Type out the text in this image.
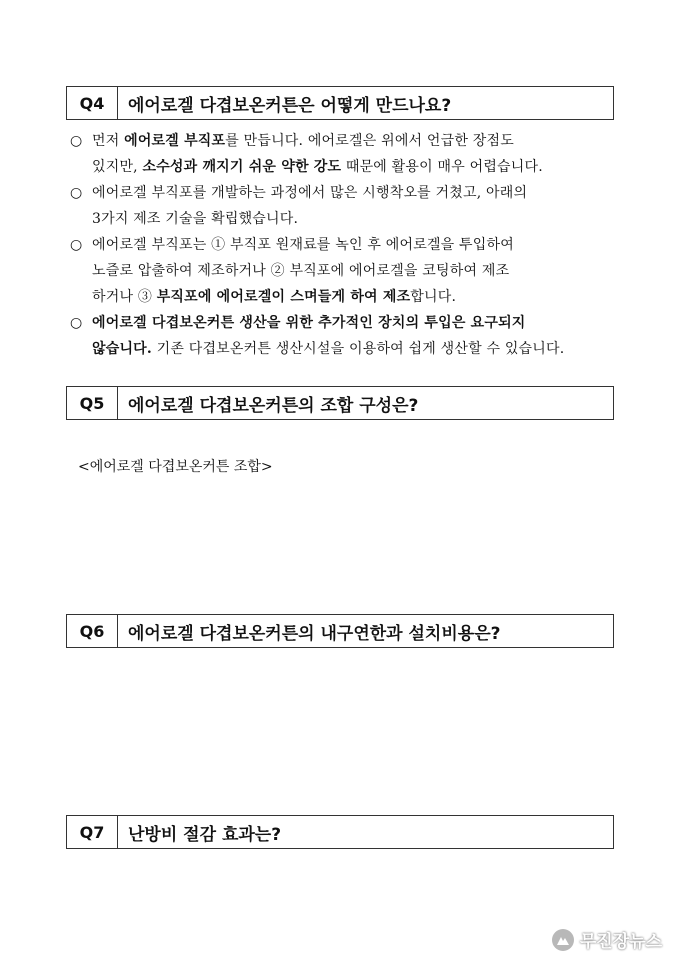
Q4	에어로겔 다겹보온커튼은 어떻게 만드나요?
○ 먼저 에어로겔 부직포를 만듭니다. 에어로겔은 위에서 언급한 장점도
있지만, 소수성과 깨지기 쉬운 약한 강도 때문에 활용이 매우 어렵습니다.
○ 에어로겔 부직포를 개발하는 과정에서 많은 시행착오를 거쳤고, 아래의
3가지 제조 기술을 확립했습니다.
○ 에어로겔 부직포는 ① 부직포 원재료를 녹인 후 에어로겔을 투입하여
노즐로 압출하여 제조하거나 ② 부직포에 에어로겔을 코팅하여 제조
하거나 ③ 부직포에 에어로겔이 스며들게 하여 제조합니다.
○ 에어로겔 다겹보온커튼 생산을 위한 추가적인 장치의 투입은 요구되지
않습니다. 기존 다겹보온커튼 생산시설을 이용하여 쉽게 생산할 수 있습니다.
Q5	에어로겔 다겹보온커튼의 조합 구성은?
<에어로겔 다겹보온커튼 조합>
Q6	에어로겔 다겹보온커튼의 내구연한과 설치비용은?
Q7	난방비 절감 효과는?
무진장뉴스
